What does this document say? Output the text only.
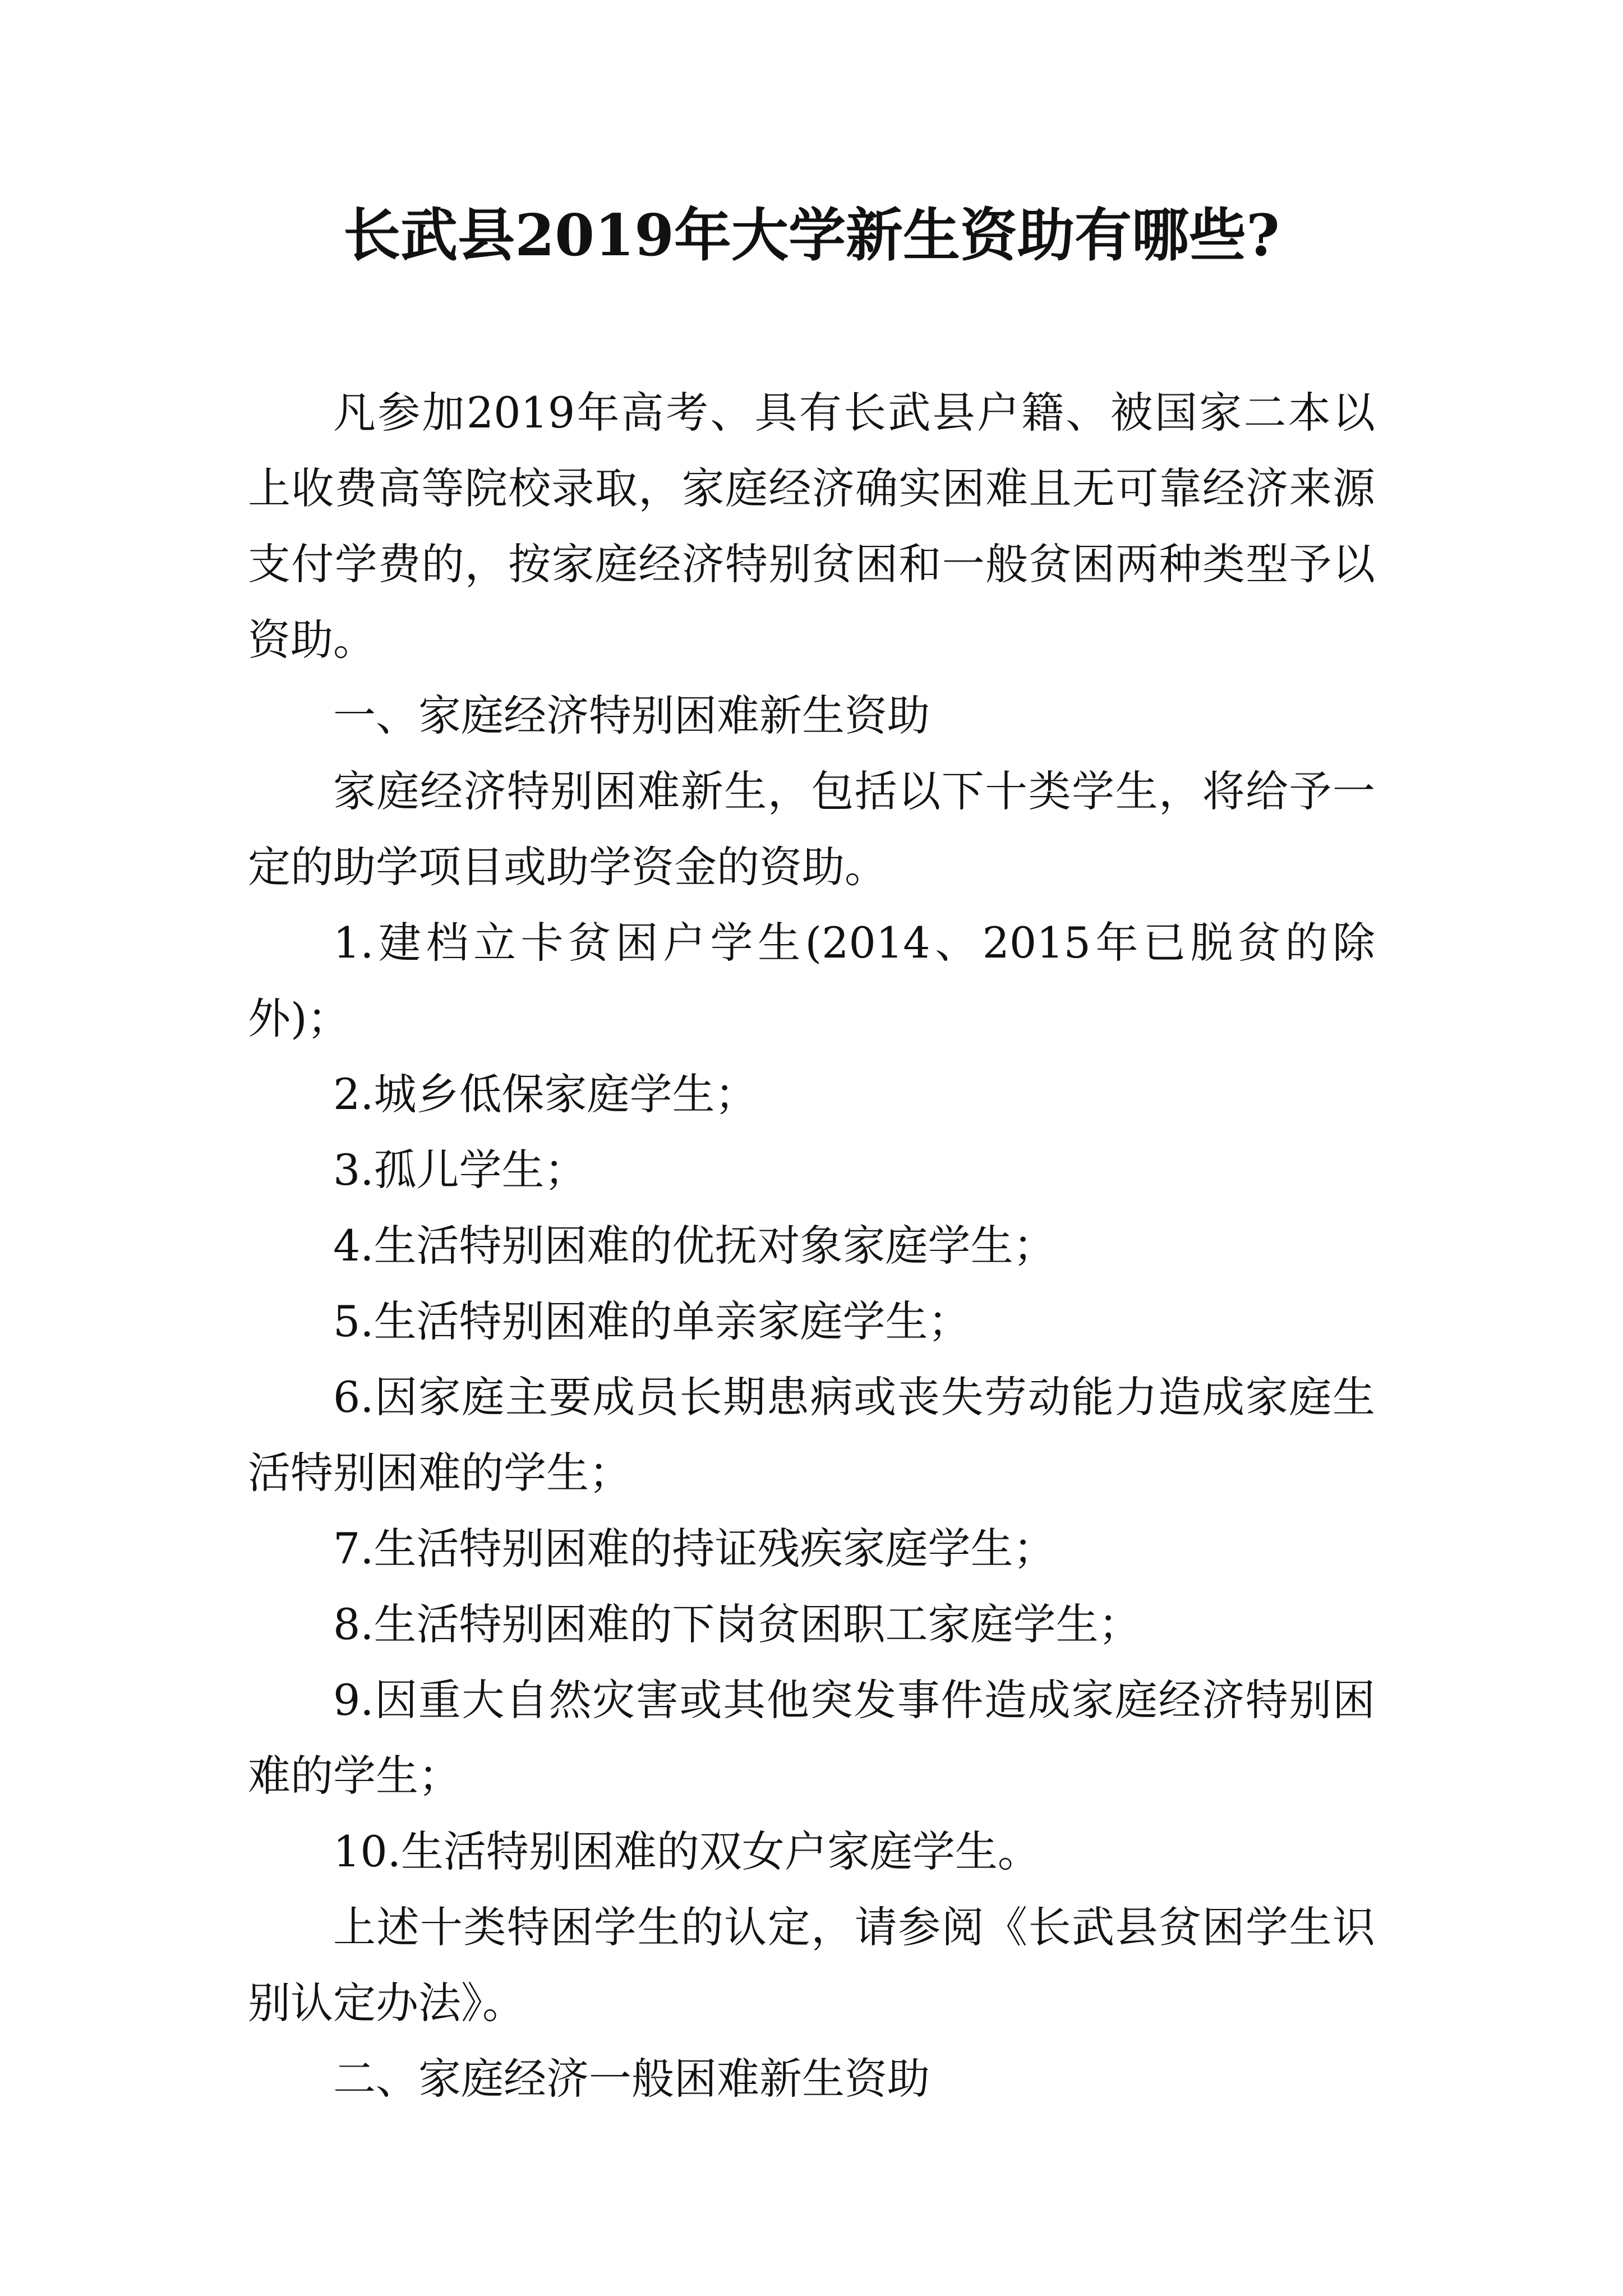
长武县2019年大学新生资助有哪些?

凡参加2019年高考、具有长武县户籍、被国家二本以上收费高等院校录取，家庭经济确实困难且无可靠经济来源支付学费的，按家庭经济特别贫困和一般贫困两种类型予以资助。

一、家庭经济特别困难新生资助

家庭经济特别困难新生，包括以下十类学生，将给予一定的助学项目或助学资金的资助。

1.建档立卡贫困户学生(2014、2015年已脱贫的除外)；

2.城乡低保家庭学生；

3.孤儿学生；

4.生活特别困难的优抚对象家庭学生；

5.生活特别困难的单亲家庭学生；

6.因家庭主要成员长期患病或丧失劳动能力造成家庭生活特别困难的学生；

7.生活特别困难的持证残疾家庭学生；

8.生活特别困难的下岗贫困职工家庭学生；

9.因重大自然灾害或其他突发事件造成家庭经济特别困难的学生；

10.生活特别困难的双女户家庭学生。

上述十类特困学生的认定，请参阅《长武县贫困学生识别认定办法》。

二、家庭经济一般困难新生资助
